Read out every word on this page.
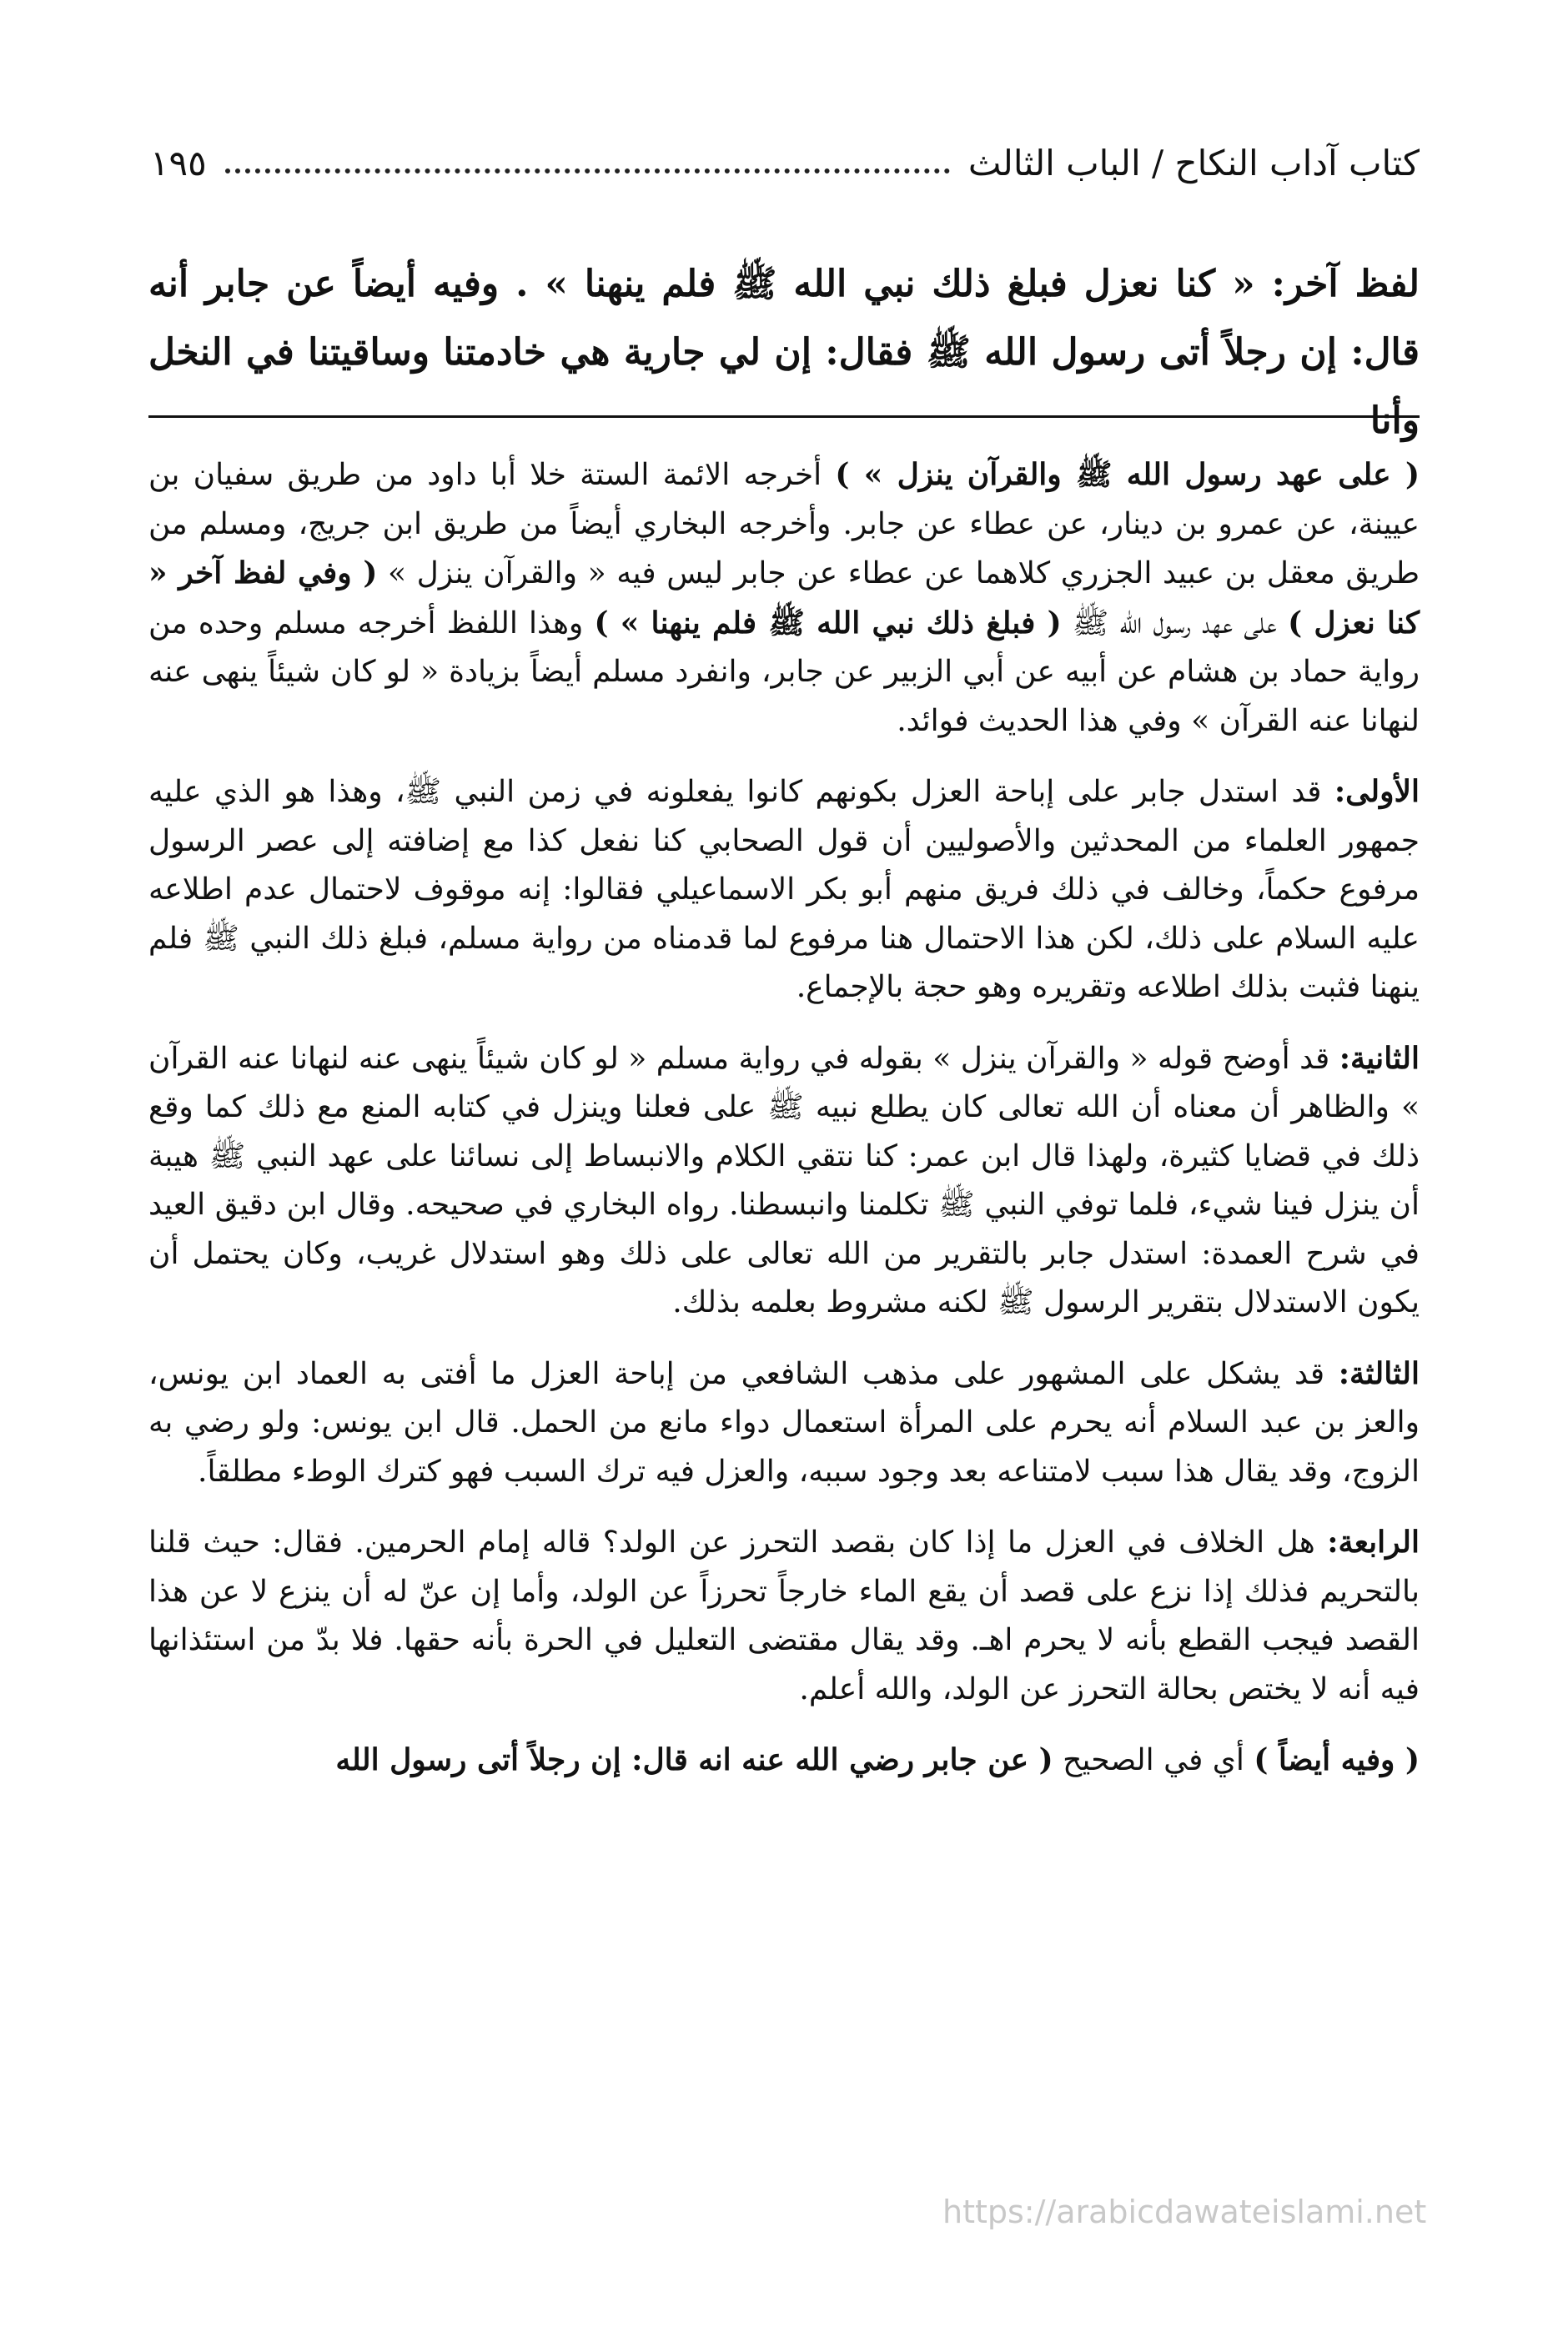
كتاب آداب النكاح / الباب الثالث
١٩٥
لفظ آخر: « كنا نعزل فبلغ ذلك نبي الله ﷺ فلم ينهنا » . وفيه أيضاً عن جابر أنه قال: إن رجلاً أتى رسول الله ﷺ فقال: إن لي جارية هي خادمتنا وساقيتنا في النخل وأنا

( على عهد رسول الله ﷺ والقرآن ينزل » ) أخرجه الائمة الستة خلا أبا داود من طريق سفيان بن عيينة، عن عمرو بن دينار، عن عطاء عن جابر. وأخرجه البخاري أيضاً من طريق ابن جريج، ومسلم من طريق معقل بن عبيد الجزري كلاهما عن عطاء عن جابر ليس فيه « والقرآن ينزل » ( وفي لفظ آخر « كنا نعزل ) على عهد رسول الله ﷺ ( فبلغ ذلك نبي الله ﷺ فلم ينهنا » ) وهذا اللفظ أخرجه مسلم وحده من رواية حماد بن هشام عن أبيه عن أبي الزبير عن جابر، وانفرد مسلم أيضاً بزيادة « لو كان شيئاً ينهى عنه لنهانا عنه القرآن » وفي هذا الحديث فوائد.

الأولى: قد استدل جابر على إباحة العزل بكونهم كانوا يفعلونه في زمن النبي ﷺ، وهذا هو الذي عليه جمهور العلماء من المحدثين والأصوليين أن قول الصحابي كنا نفعل كذا مع إضافته إلى عصر الرسول مرفوع حكماً، وخالف في ذلك فريق منهم أبو بكر الاسماعيلي فقالوا: إنه موقوف لاحتمال عدم اطلاعه عليه السلام على ذلك، لكن هذا الاحتمال هنا مرفوع لما قدمناه من رواية مسلم، فبلغ ذلك النبي ﷺ فلم ينهنا فثبت بذلك اطلاعه وتقريره وهو حجة بالإجماع.

الثانية: قد أوضح قوله « والقرآن ينزل » بقوله في رواية مسلم « لو كان شيئاً ينهى عنه لنهانا عنه القرآن » والظاهر أن معناه أن الله تعالى كان يطلع نبيه ﷺ على فعلنا وينزل في كتابه المنع مع ذلك كما وقع ذلك في قضايا كثيرة، ولهذا قال ابن عمر: كنا نتقي الكلام والانبساط إلى نسائنا على عهد النبي ﷺ هيبة أن ينزل فينا شيء، فلما توفي النبي ﷺ تكلمنا وانبسطنا. رواه البخاري في صحيحه. وقال ابن دقيق العيد في شرح العمدة: استدل جابر بالتقرير من الله تعالى على ذلك وهو استدلال غريب، وكان يحتمل أن يكون الاستدلال بتقرير الرسول ﷺ لكنه مشروط بعلمه بذلك.

الثالثة: قد يشكل على المشهور على مذهب الشافعي من إباحة العزل ما أفتى به العماد ابن يونس، والعز بن عبد السلام أنه يحرم على المرأة استعمال دواء مانع من الحمل. قال ابن يونس: ولو رضي به الزوج، وقد يقال هذا سبب لامتناعه بعد وجود سببه، والعزل فيه ترك السبب فهو كترك الوطء مطلقاً.

الرابعة: هل الخلاف في العزل ما إذا كان بقصد التحرز عن الولد؟ قاله إمام الحرمين. فقال: حيث قلنا بالتحريم فذلك إذا نزع على قصد أن يقع الماء خارجاً تحرزاً عن الولد، وأما إن عنّ له أن ينزع لا عن هذا القصد فيجب القطع بأنه لا يحرم اهـ. وقد يقال مقتضى التعليل في الحرة بأنه حقها. فلا بدّ من استئذانها فيه أنه لا يختص بحالة التحرز عن الولد، والله أعلم.

( وفيه أيضاً ) أي في الصحيح ( عن جابر رضي الله عنه انه قال: إن رجلاً أتى رسول الله

https://arabicdawateislami.net
